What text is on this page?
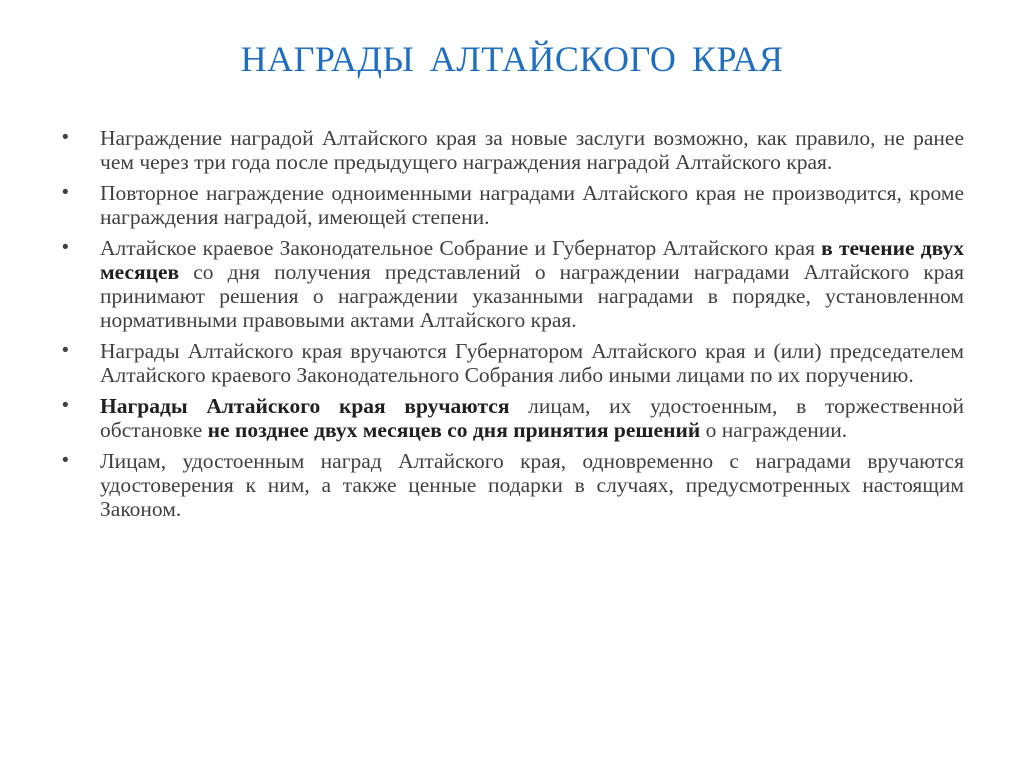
НАГРАДЫ АЛТАЙСКОГО КРАЯ
•	Награждение наградой Алтайского края за новые заслуги возможно, как правило, не ранее чем через три года после предыдущего награждения наградой Алтайского края.
•	Повторное награждение одноименными наградами Алтайского края не производится, кроме награждения наградой, имеющей степени.
•	Алтайское краевое Законодательное Собрание и Губернатор Алтайского края в течение двух месяцев со дня получения представлений о награждении наградами Алтайского края принимают решения о награждении указанными наградами в порядке, установленном нормативными правовыми актами Алтайского края.
•	Награды Алтайского края вручаются Губернатором Алтайского края и (или) председателем Алтайского краевого Законодательного Собрания либо иными лицами по их поручению.
•	Награды Алтайского края вручаются лицам, их удостоенным, в торжественной обстановке не позднее двух месяцев со дня принятия решений о награждении.
•	Лицам, удостоенным наград Алтайского края, одновременно с наградами вручаются удостоверения к ним, а также ценные подарки в случаях, предусмотренных настоящим Законом.
